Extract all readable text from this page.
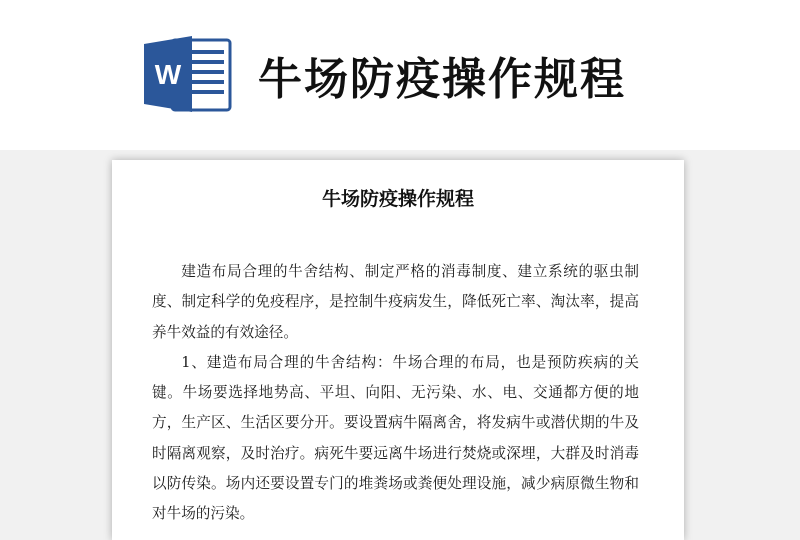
W 牛场防疫操作规程
牛场防疫操作规程

建造布局合理的牛舍结构、制定严格的消毒制度、建立系统的驱虫制度、制定科学的免疫程序，是控制牛疫病发生，降低死亡率、淘汰率，提高养牛效益的有效途径。

1、建造布局合理的牛舍结构：牛场合理的布局，也是预防疾病的关键。牛场要选择地势高、平坦、向阳、无污染、水、电、交通都方便的地方，生产区、生活区要分开。要设置病牛隔离舍，将发病牛或潜伏期的牛及时隔离观察，及时治疗。病死牛要远离牛场进行焚烧或深埋，大群及时消毒以防传染。场内还要设置专门的堆粪场或粪便处理设施，减少病原微生物和对牛场的污染。
